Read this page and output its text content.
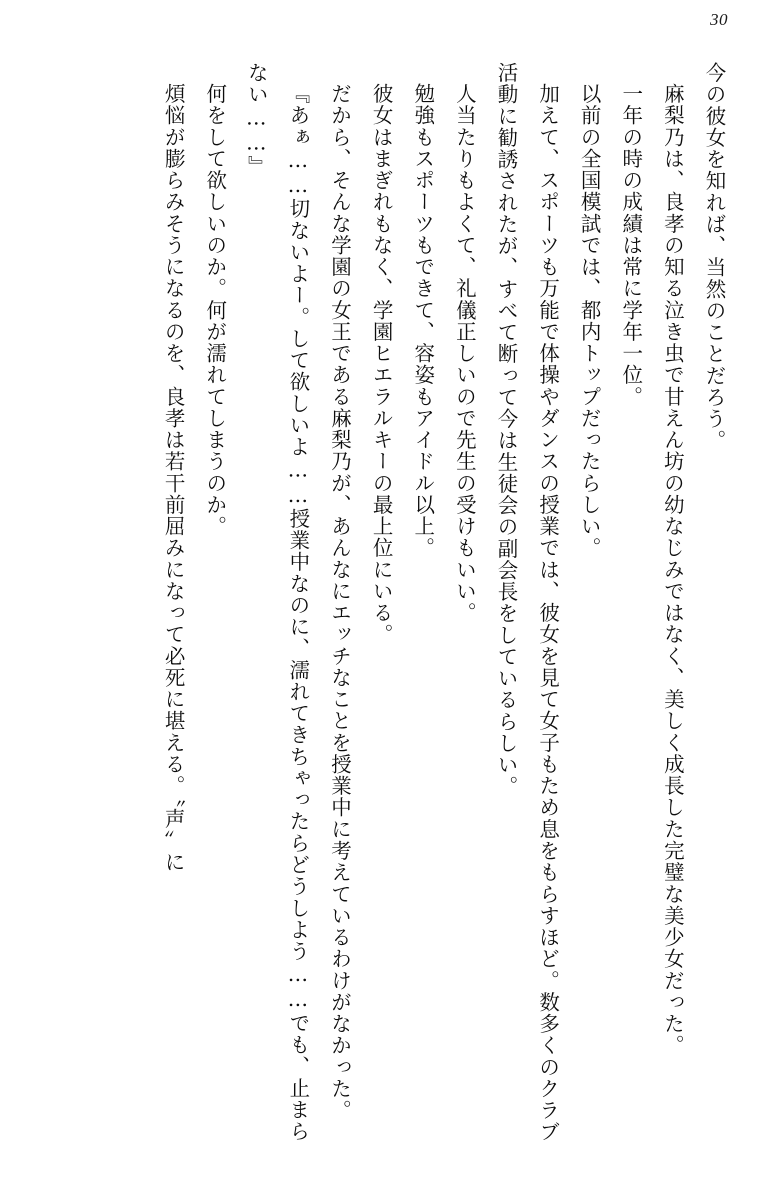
30

今の彼女を知れば、当然のことだろう。

麻梨乃は、良孝の知る泣き虫で甘えん坊の幼なじみではなく、美しく成長した完璧な美少女だった。

一年の時の成績は常に学年一位。

以前の全国模試では、都内トップだったらしい。

加えて、スポーツも万能で体操やダンスの授業では、彼女を見て女子もため息をもらすほど。数多くのクラブ活動に勧誘されたが、すべて断って今は生徒会の副会長をしているらしい。

人当たりもよくて、礼儀正しいので先生の受けもいい。

勉強もスポーツもできて、容姿もアイドル以上。

彼女はまぎれもなく、学園ヒエラルキーの最上位にいる。

だから、そんな学園の女王である麻梨乃が、あんなにエッチなことを授業中に考えているわけがなかった。

『あぁ……切ないよー。して欲しいよ……授業中なのに、濡れてきちゃったらどうしよう……でも、止まらない……』

何をして欲しいのか。何が濡れてしまうのか。

煩悩が膨らみそうになるのを、良孝は若干前屈みになって必死に堪える。〝声〟に
